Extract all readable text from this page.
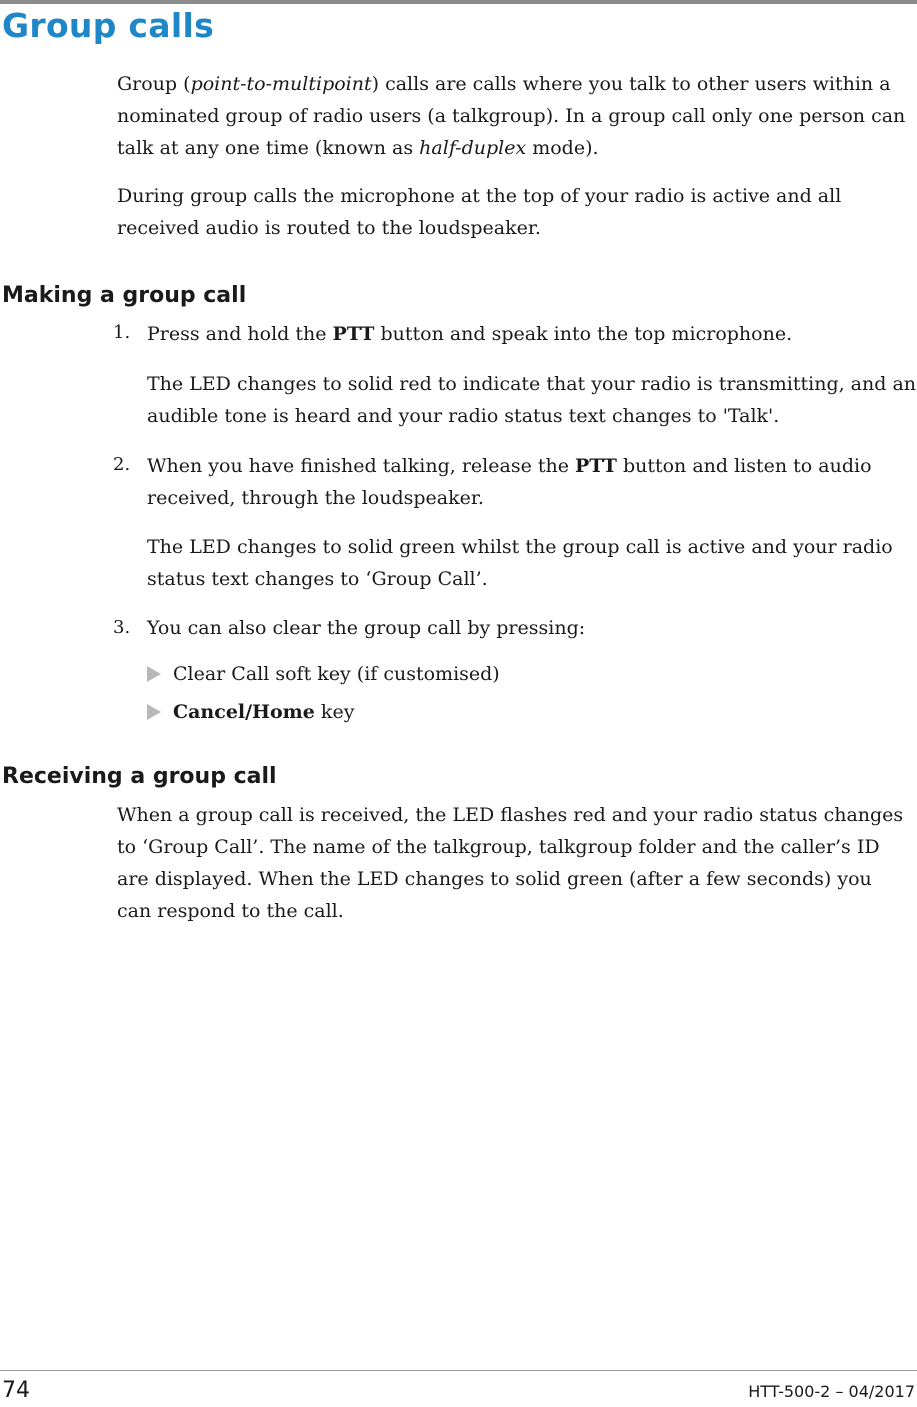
Group calls

Group (point-to-multipoint) calls are calls where you talk to other users within a nominated group of radio users (a talkgroup). In a group call only one person can talk at any one time (known as half-duplex mode).

During group calls the microphone at the top of your radio is active and all received audio is routed to the loudspeaker.

Making a group call
1. Press and hold the PTT button and speak into the top microphone.

The LED changes to solid red to indicate that your radio is transmitting, and an audible tone is heard and your radio status text changes to 'Talk'.

2. When you have finished talking, release the PTT button and listen to audio received, through the loudspeaker.

The LED changes to solid green whilst the group call is active and your radio status text changes to ‘Group Call’.

3. You can also clear the group call by pressing:

Clear Call soft key (if customised)

Cancel/Home key

Receiving a group call

When a group call is received, the LED flashes red and your radio status changes to ‘Group Call’. The name of the talkgroup, talkgroup folder and the caller’s ID are displayed. When the LED changes to solid green (after a few seconds) you can respond to the call.

74	HTT-500-2 – 04/2017
